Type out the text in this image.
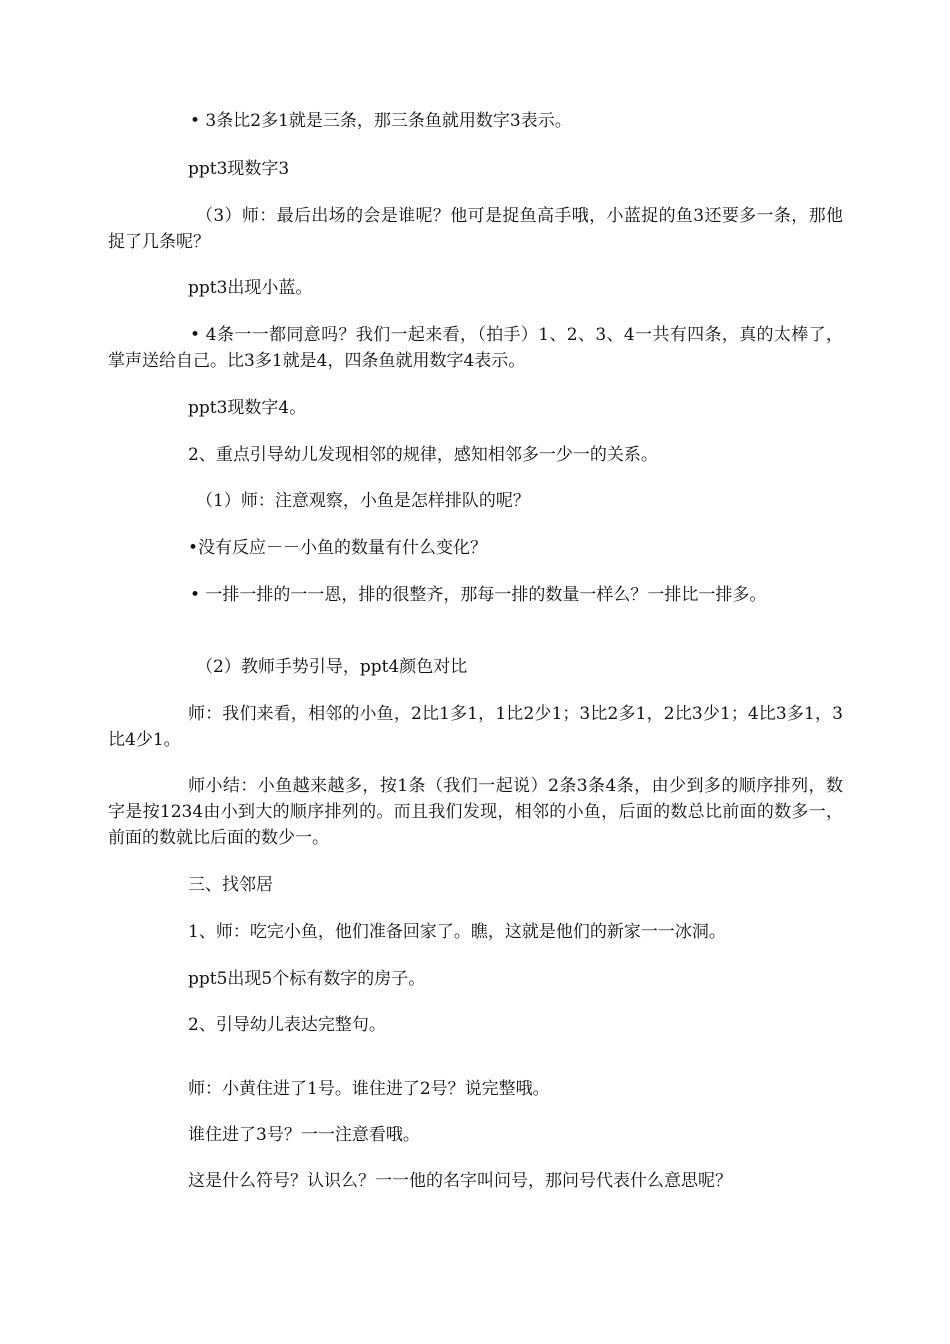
• 3条比2多1就是三条，那三条鱼就用数字3表示。

ppt3现数字3

（3）师：最后出场的会是谁呢？他可是捉鱼高手哦，小蓝捉的鱼3还要多一条，那他捉了几条呢？

ppt3出现小蓝。

• 4条一一都同意吗？我们一起来看，（拍手）1、2、3、4一共有四条，真的太棒了，掌声送给自己。比3多1就是4，四条鱼就用数字4表示。

ppt3现数字4。

2、重点引导幼儿发现相邻的规律，感知相邻多一少一的关系。

（1）师：注意观察，小鱼是怎样排队的呢？

•没有反应－－小鱼的数量有什么变化？

• 一排一排的一一恩，排的很整齐，那每一排的数量一样么？一排比一排多。

（2）教师手势引导，ppt4颜色对比

师：我们来看，相邻的小鱼，2比1多1，1比2少1；3比2多1，2比3少1；4比3多1，3比4少1。

师小结：小鱼越来越多，按1条（我们一起说）2条3条4条，由少到多的顺序排列，数字是按1234由小到大的顺序排列的。而且我们发现，相邻的小鱼，后面的数总比前面的数多一，前面的数就比后面的数少一。

三、找邻居

1、师：吃完小鱼，他们准备回家了。瞧，这就是他们的新家一一冰洞。

ppt5出现5个标有数字的房子。

2、引导幼儿表达完整句。

师：小黄住进了1号。谁住进了2号？说完整哦。

谁住进了3号？一一注意看哦。

这是什么符号？认识么？一一他的名字叫问号，那问号代表什么意思呢？
